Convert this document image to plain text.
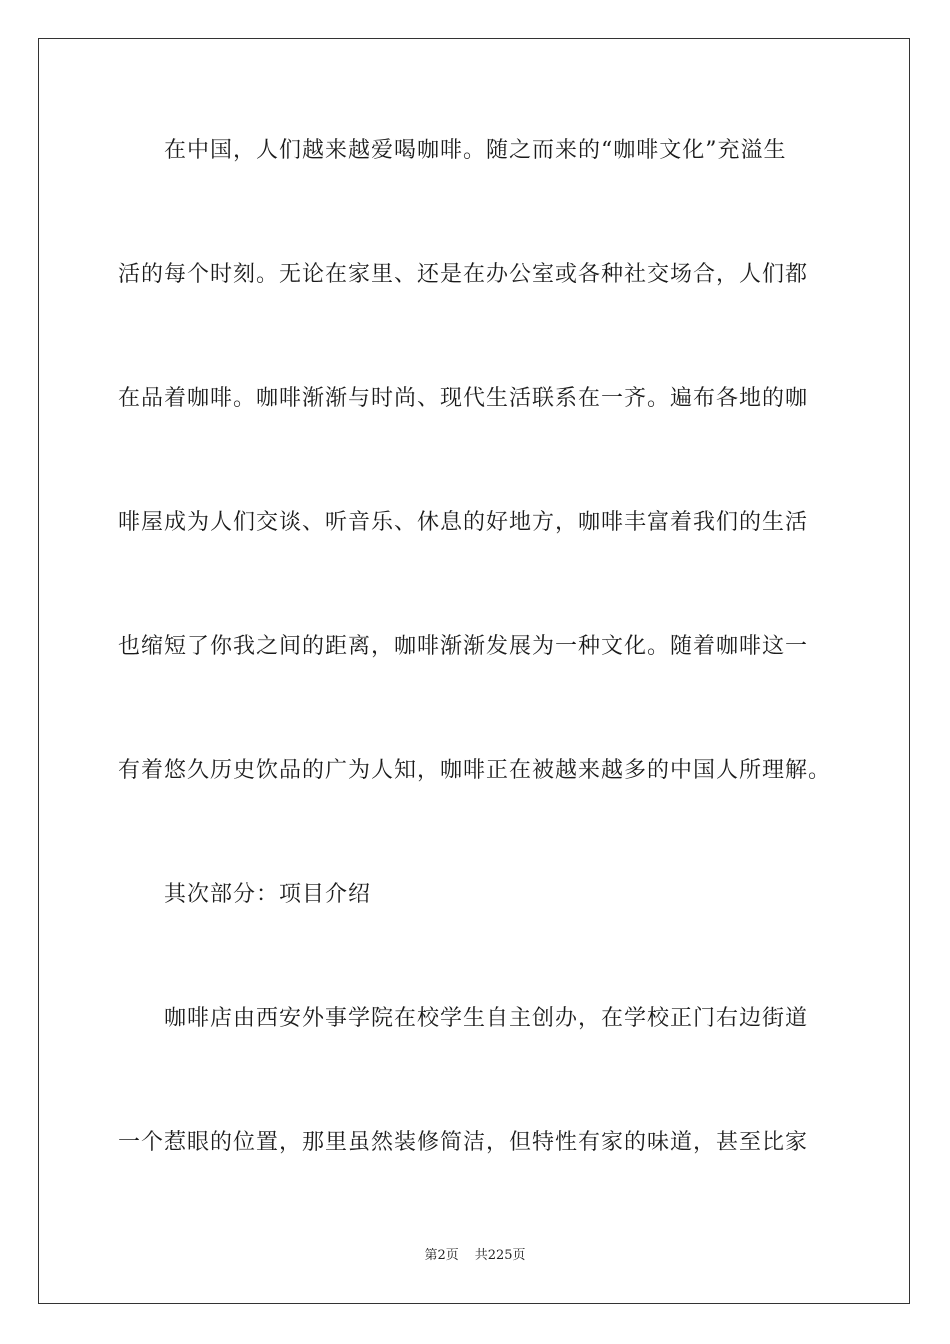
在中国，人们越来越爱喝咖啡。随之而来的“咖啡文化”充溢生
活的每个时刻。无论在家里、还是在办公室或各种社交场合，人们都
在品着咖啡。咖啡渐渐与时尚、现代生活联系在一齐。遍布各地的咖
啡屋成为人们交谈、听音乐、休息的好地方，咖啡丰富着我们的生活
也缩短了你我之间的距离，咖啡渐渐发展为一种文化。随着咖啡这一
有着悠久历史饮品的广为人知，咖啡正在被越来越多的中国人所理解。
其次部分：项目介绍
咖啡店由西安外事学院在校学生自主创办，在学校正门右边街道
一个惹眼的位置，那里虽然装修简洁，但特性有家的味道，甚至比家
第2页 共225页
